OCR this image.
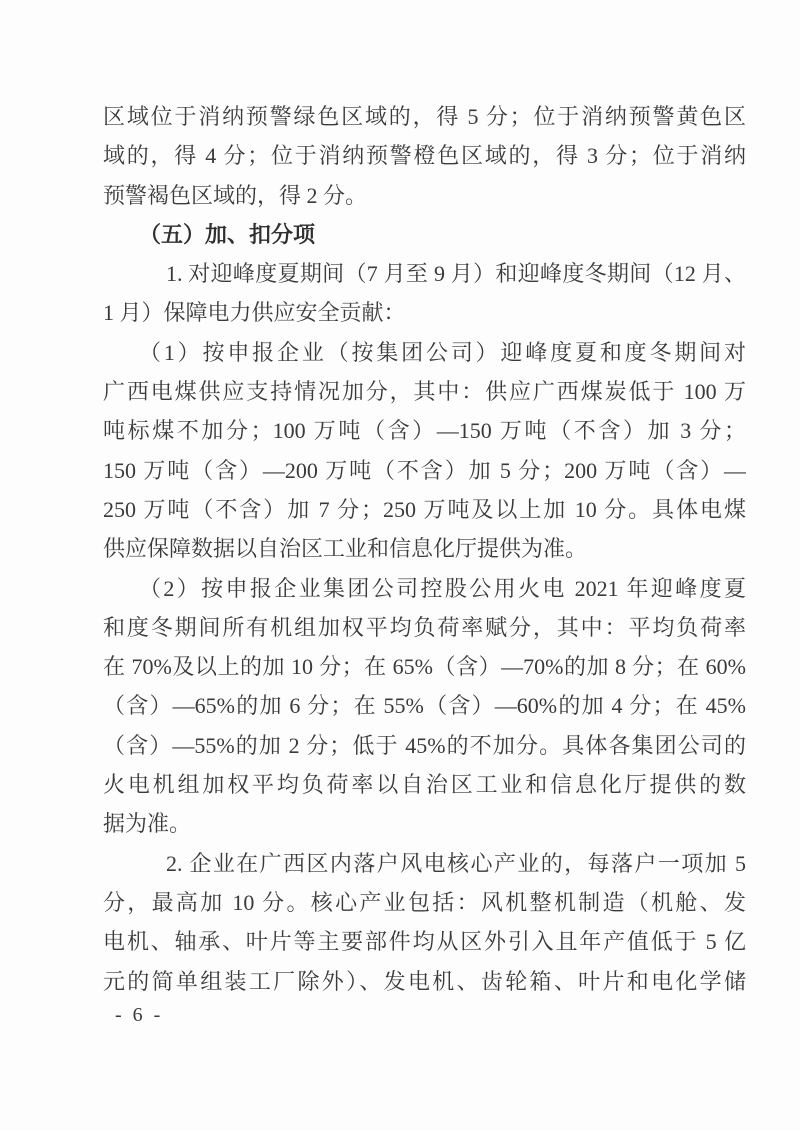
区域位于消纳预警绿色区域的，得 5 分；位于消纳预警黄色区
域的，得 4 分；位于消纳预警橙色区域的，得 3 分；位于消纳
预警褐色区域的，得 2 分。
（五）加、扣分项
1. 对迎峰度夏期间（7 月至 9 月）和迎峰度冬期间（12 月、
1 月）保障电力供应安全贡献：
（1）按申报企业（按集团公司）迎峰度夏和度冬期间对
广西电煤供应支持情况加分，其中：供应广西煤炭低于 100 万
吨标煤不加分；100 万吨（含）—150 万吨（不含）加 3 分；
150 万吨（含）—200 万吨（不含）加 5 分；200 万吨（含）—
250 万吨（不含）加 7 分；250 万吨及以上加 10 分。具体电煤
供应保障数据以自治区工业和信息化厅提供为准。
（2）按申报企业集团公司控股公用火电 2021 年迎峰度夏
和度冬期间所有机组加权平均负荷率赋分，其中：平均负荷率
在 70%及以上的加 10 分；在 65%（含）—70%的加 8 分；在 60%
（含）—65%的加 6 分；在 55%（含）—60%的加 4 分；在 45%
（含）—55%的加 2 分；低于 45%的不加分。具体各集团公司的
火电机组加权平均负荷率以自治区工业和信息化厅提供的数
据为准。
2. 企业在广西区内落户风电核心产业的，每落户一项加 5
分，最高加 10 分。核心产业包括：风机整机制造（机舱、发
电机、轴承、叶片等主要部件均从区外引入且年产值低于 5 亿
元的简单组装工厂除外）、发电机、齿轮箱、叶片和电化学储
- 6 -
